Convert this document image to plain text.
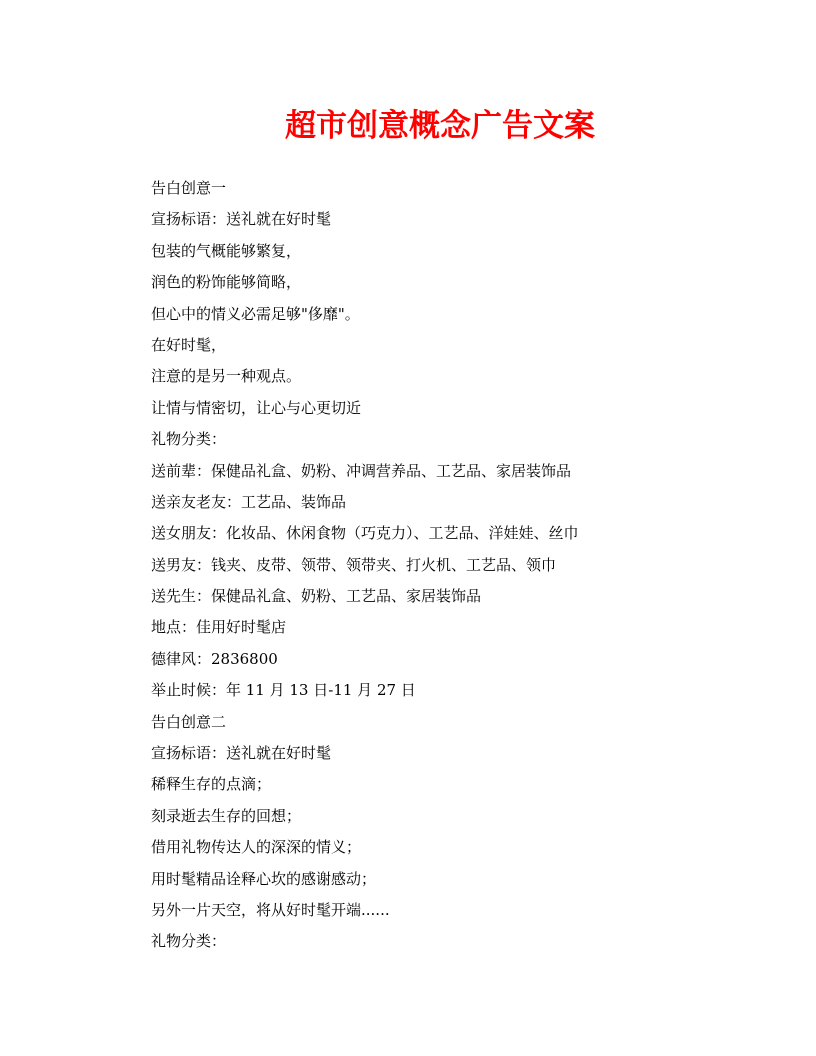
超市创意概念广告文案

告白创意一

宣扬标语：送礼就在好时髦

包装的气概能够繁复，

润色的粉饰能够简略，

但心中的情义必需足够"侈靡"。

在好时髦，

注意的是另一种观点。

让情与情密切，让心与心更切近

礼物分类：

送前辈：保健品礼盒、奶粉、冲调营养品、工艺品、家居装饰品

送亲友老友：工艺品、装饰品

送女朋友：化妆品、休闲食物（巧克力）、工艺品、洋娃娃、丝巾

送男友：钱夹、皮带、领带、领带夹、打火机、工艺品、领巾

送先生：保健品礼盒、奶粉、工艺品、家居装饰品

地点：佳用好时髦店

德律风：2836800

举止时候：年 11 月 13 日-11 月 27 日

告白创意二

宣扬标语：送礼就在好时髦

稀释生存的点滴；

刻录逝去生存的回想；

借用礼物传达人的深深的情义；

用时髦精品诠释心坎的感谢感动；

另外一片天空，将从好时髦开端......

礼物分类：
